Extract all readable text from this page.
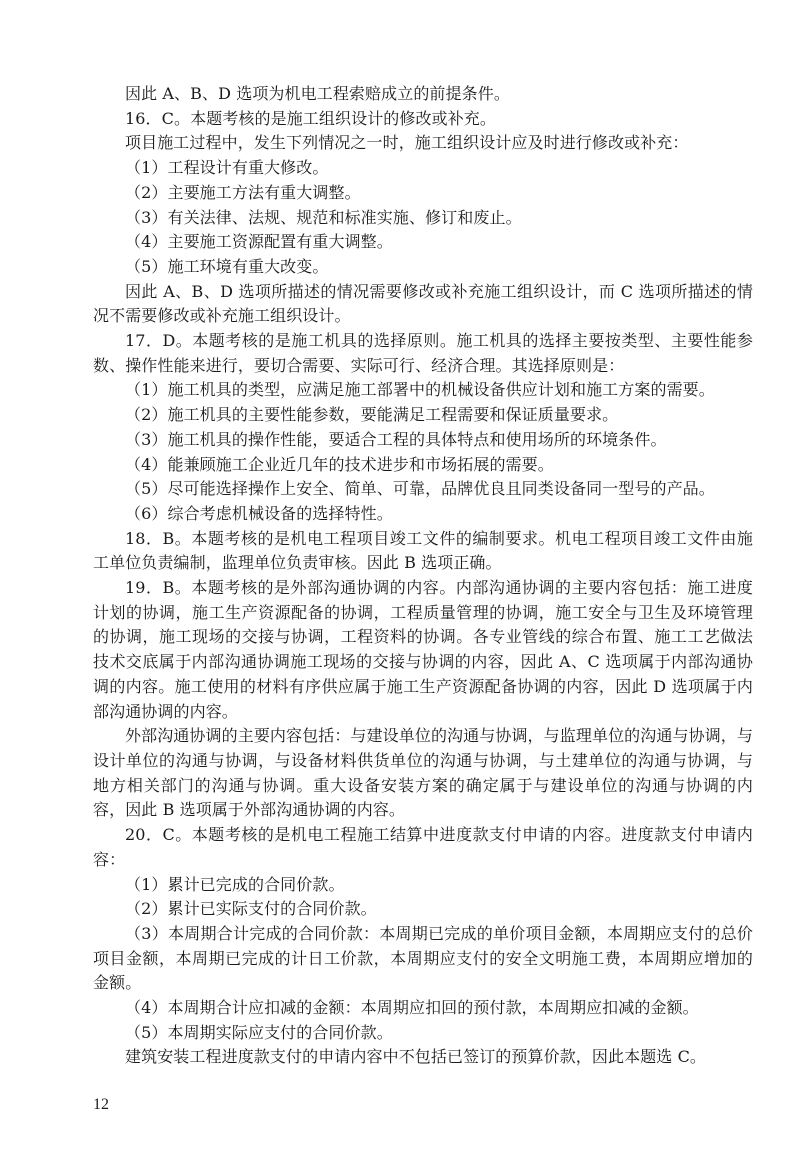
因此 A、B、D 选项为机电工程索赔成立的前提条件。

16．C。本题考核的是施工组织设计的修改或补充。

项目施工过程中，发生下列情况之一时，施工组织设计应及时进行修改或补充：

（1）工程设计有重大修改。

（2）主要施工方法有重大调整。

（3）有关法律、法规、规范和标准实施、修订和废止。

（4）主要施工资源配置有重大调整。

（5）施工环境有重大改变。

因此 A、B、D 选项所描述的情况需要修改或补充施工组织设计，而 C 选项所描述的情况不需要修改或补充施工组织设计。

17．D。本题考核的是施工机具的选择原则。施工机具的选择主要按类型、主要性能参数、操作性能来进行，要切合需要、实际可行、经济合理。其选择原则是：

（1）施工机具的类型，应满足施工部署中的机械设备供应计划和施工方案的需要。

（2）施工机具的主要性能参数，要能满足工程需要和保证质量要求。

（3）施工机具的操作性能，要适合工程的具体特点和使用场所的环境条件。

（4）能兼顾施工企业近几年的技术进步和市场拓展的需要。

（5）尽可能选择操作上安全、简单、可靠，品牌优良且同类设备同一型号的产品。

（6）综合考虑机械设备的选择特性。

18．B。本题考核的是机电工程项目竣工文件的编制要求。机电工程项目竣工文件由施工单位负责编制，监理单位负责审核。因此 B 选项正确。

19．B。本题考核的是外部沟通协调的内容。内部沟通协调的主要内容包括：施工进度计划的协调，施工生产资源配备的协调，工程质量管理的协调，施工安全与卫生及环境管理的协调，施工现场的交接与协调，工程资料的协调。各专业管线的综合布置、施工工艺做法技术交底属于内部沟通协调施工现场的交接与协调的内容，因此 A、C 选项属于内部沟通协调的内容。施工使用的材料有序供应属于施工生产资源配备协调的内容，因此 D 选项属于内部沟通协调的内容。

外部沟通协调的主要内容包括：与建设单位的沟通与协调，与监理单位的沟通与协调，与设计单位的沟通与协调，与设备材料供货单位的沟通与协调，与土建单位的沟通与协调，与地方相关部门的沟通与协调。重大设备安装方案的确定属于与建设单位的沟通与协调的内容，因此 B 选项属于外部沟通协调的内容。

20．C。本题考核的是机电工程施工结算中进度款支付申请的内容。进度款支付申请内容：

（1）累计已完成的合同价款。

（2）累计已实际支付的合同价款。

（3）本周期合计完成的合同价款：本周期已完成的单价项目金额，本周期应支付的总价项目金额，本周期已完成的计日工价款，本周期应支付的安全文明施工费，本周期应增加的金额。

（4）本周期合计应扣减的金额：本周期应扣回的预付款，本周期应扣减的金额。

（5）本周期实际应支付的合同价款。

建筑安装工程进度款支付的申请内容中不包括已签订的预算价款，因此本题选 C。

12
